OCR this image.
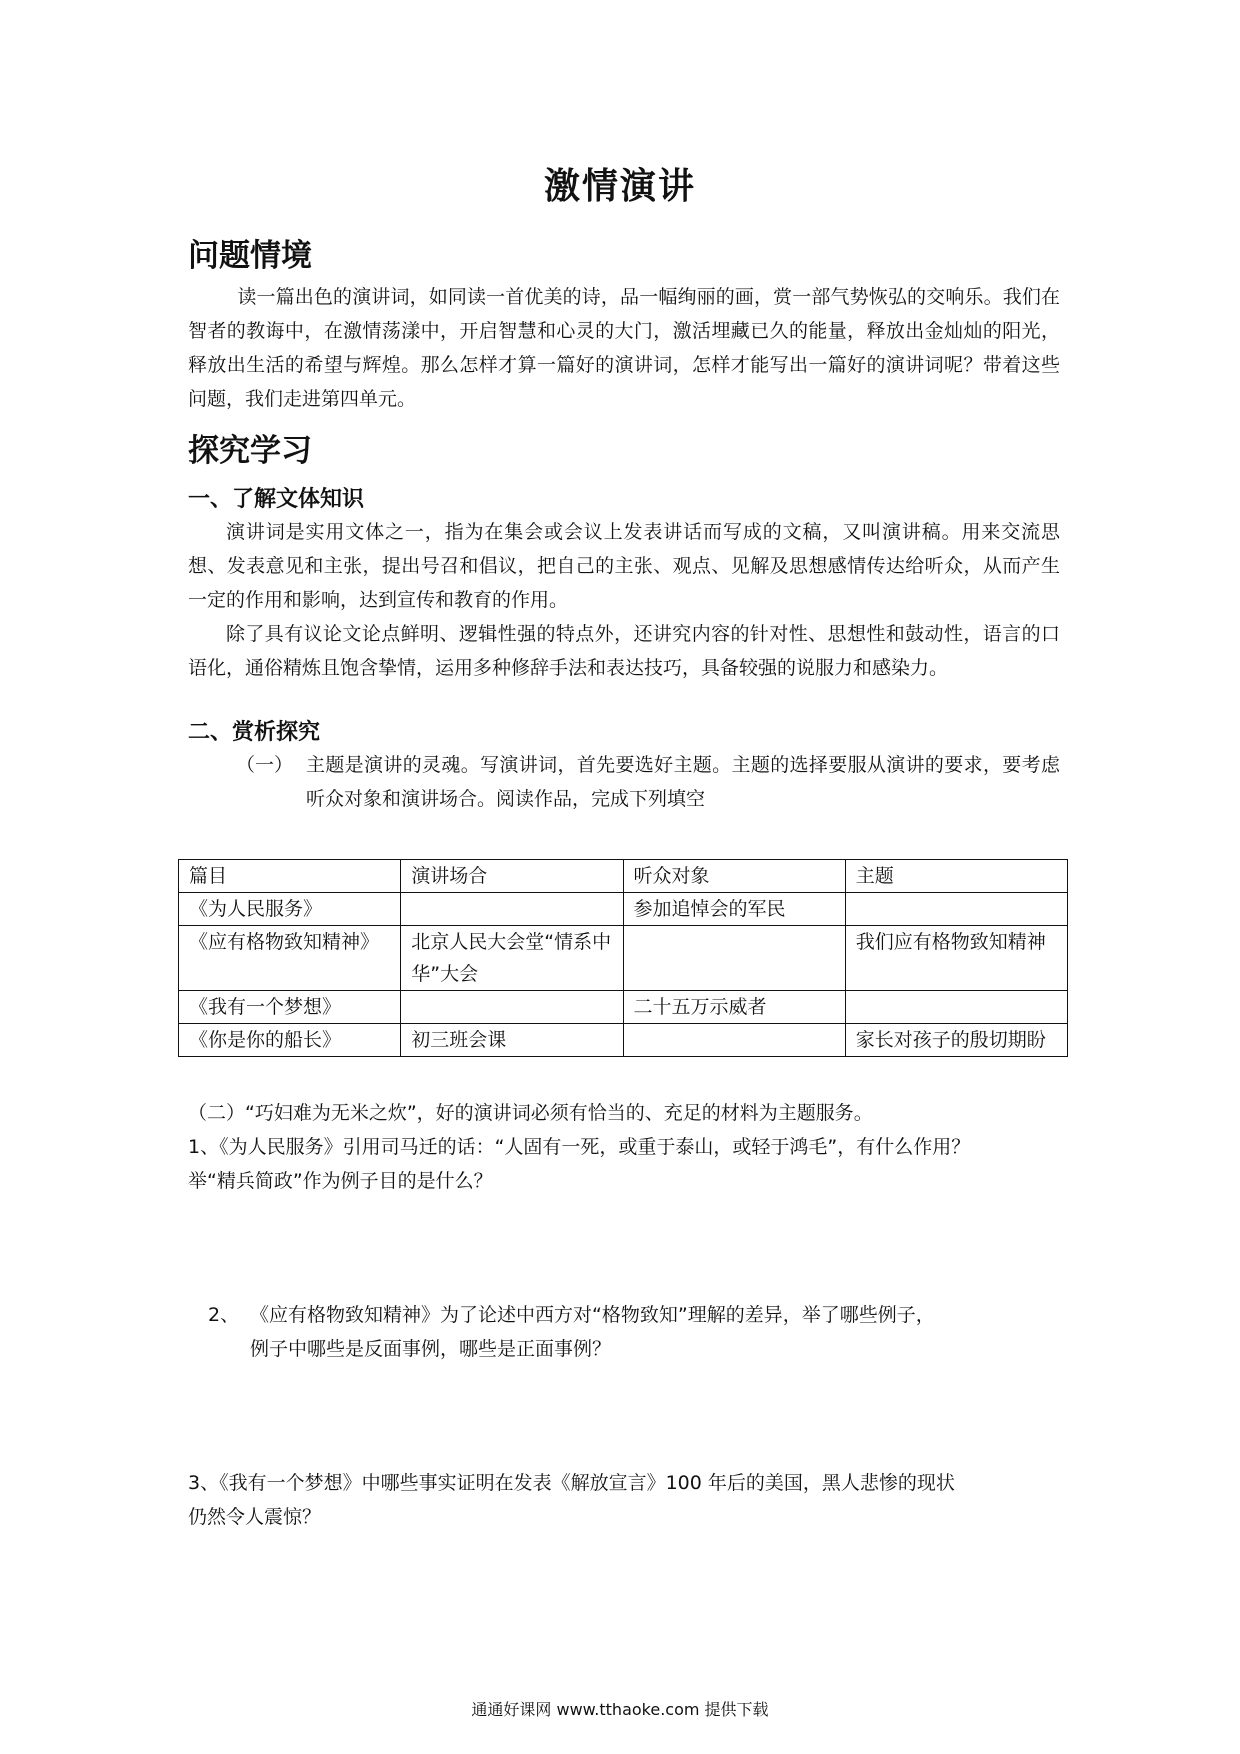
激情演讲
问题情境
读一篇出色的演讲词，如同读一首优美的诗，品一幅绚丽的画，赏一部气势恢弘的交响乐。我们在智者的教诲中，在激情荡漾中，开启智慧和心灵的大门，激活埋藏已久的能量，释放出金灿灿的阳光，释放出生活的希望与辉煌。那么怎样才算一篇好的演讲词，怎样才能写出一篇好的演讲词呢？带着这些问题，我们走进第四单元。
探究学习
一、了解文体知识
演讲词是实用文体之一，指为在集会或会议上发表讲话而写成的文稿，又叫演讲稿。用来交流思想、发表意见和主张，提出号召和倡议，把自己的主张、观点、见解及思想感情传达给听众，从而产生一定的作用和影响，达到宣传和教育的作用。
除了具有议论文论点鲜明、逻辑性强的特点外，还讲究内容的针对性、思想性和鼓动性，语言的口语化，通俗精炼且饱含挚情，运用多种修辞手法和表达技巧，具备较强的说服力和感染力。
二、赏析探究
（一） 主题是演讲的灵魂。写演讲词，首先要选好主题。主题的选择要服从演讲的要求，要考虑听众对象和演讲场合。阅读作品，完成下列填空
篇目	演讲场合	听众对象	主题
《为人民服务》		参加追悼会的军民	
《应有格物致知精神》	北京人民大会堂“情系中华”大会		我们应有格物致知精神
《我有一个梦想》		二十五万示威者	
《你是你的船长》	初三班会课		家长对孩子的殷切期盼
（二）“巧妇难为无米之炊”，好的演讲词必须有恰当的、充足的材料为主题服务。
1、《为人民服务》引用司马迁的话：“人固有一死，或重于泰山，或轻于鸿毛”，有什么作用？
举“精兵简政”作为例子目的是什么？
2、 《应有格物致知精神》为了论述中西方对“格物致知”理解的差异，举了哪些例子，
例子中哪些是反面事例，哪些是正面事例？
3、《我有一个梦想》中哪些事实证明在发表《解放宣言》100 年后的美国，黑人悲惨的现状
仍然令人震惊？
通通好课网 www.tthaoke.com 提供下载
